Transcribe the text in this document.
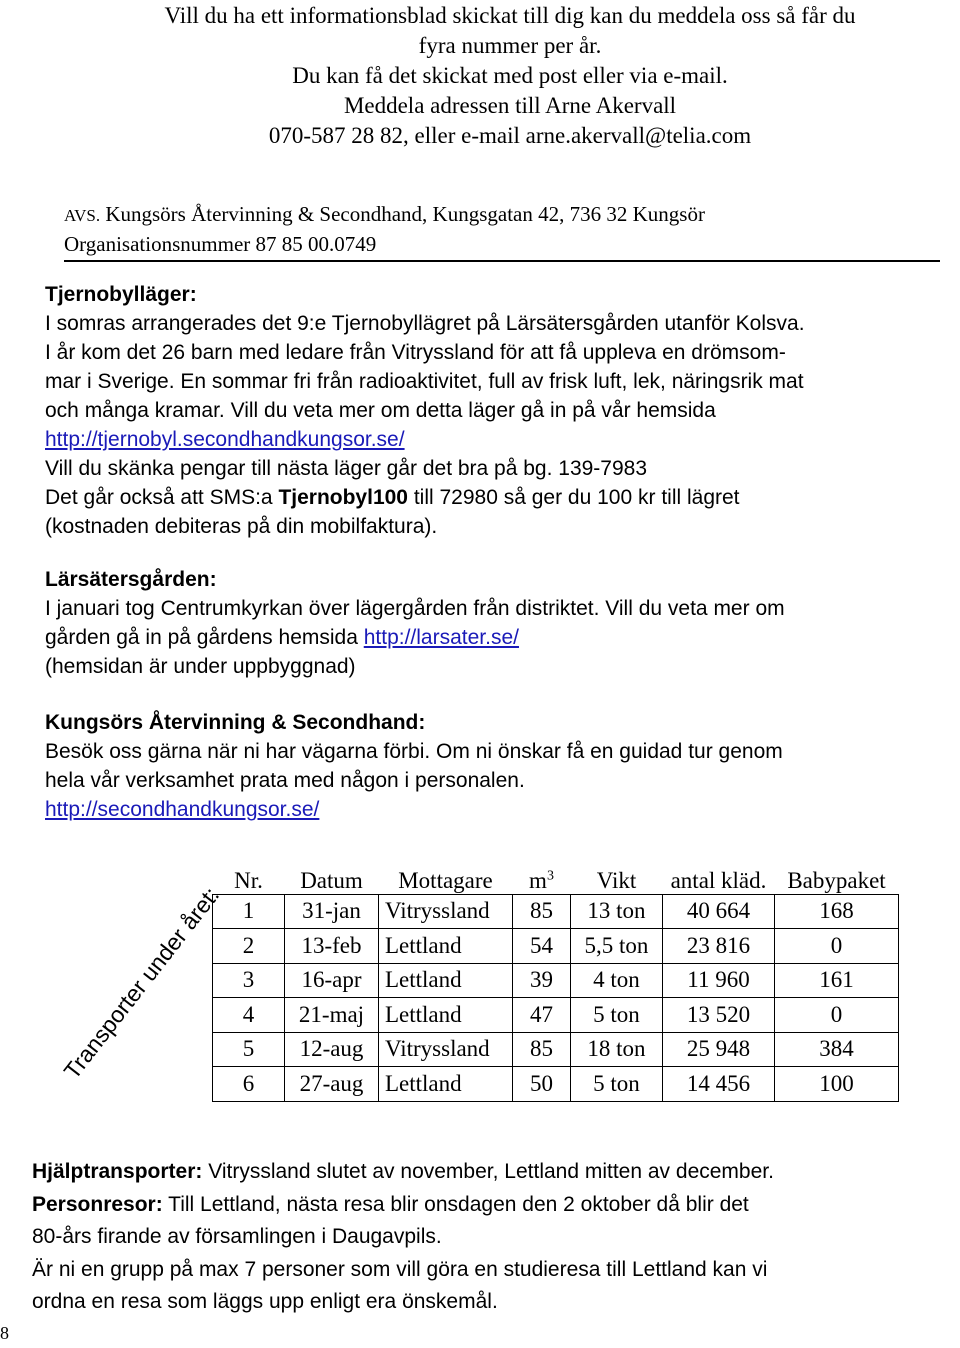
Vill du ha ett informationsblad skickat till dig kan du meddela oss så får du
fyra nummer per år.
Du kan få det skickat med post eller via e-mail.
Meddela adressen till Arne Akervall
070-587 28 82, eller e-mail arne.akervall@telia.com
AVS. Kungsörs Återvinning & Secondhand, Kungsgatan 42, 736 32 Kungsör
Organisationsnummer 87 85 00.0749
Tjernobylläger:
I somras arrangerades det 9:e Tjernobyllägret på Lärsätersgården utanför Kolsva.
I år kom det 26 barn med ledare från Vitryssland för att få uppleva en drömsom-
mar i Sverige. En sommar fri från radioaktivitet, full av frisk luft, lek, näringsrik mat
och många kramar. Vill du veta mer om detta läger gå in på vår hemsida
http://tjernobyl.secondhandkungsor.se/
Vill du skänka pengar till nästa läger går det bra på bg. 139-7983
Det går också att SMS:a Tjernobyl100 till 72980 så ger du 100 kr till lägret
(kostnaden debiteras på din mobilfaktura).
Lärsätersgården:
I januari tog Centrumkyrkan över lägergården från distriktet. Vill du veta mer om
gården gå in på gårdens hemsida http://larsater.se/
(hemsidan är under uppbyggnad)
Kungsörs Återvinning & Secondhand:
Besök oss gärna när ni har vägarna förbi. Om ni önskar få en guidad tur genom
hela vår verksamhet prata med någon i personalen.
http://secondhandkungsor.se/
Transporter under året:
Nr.	Datum	Mottagare	$m^3$	Vikt	antal kläd.	Babypaket
1	31-jan	Vitryssland	85	13 ton	40 664	168
2	13-feb	Lettland	54	5,5 ton	23 816	0
3	16-apr	Lettland	39	4 ton	11 960	161
4	21-maj	Lettland	47	5 ton	13 520	0
5	12-aug	Vitryssland	85	18 ton	25 948	384
6	27-aug	Lettland	50	5 ton	14 456	100
Hjälptransporter: Vitryssland slutet av november, Lettland mitten av december.
Personresor: Till Lettland, nästa resa blir onsdagen den 2 oktober då blir det
80-års firande av församlingen i Daugavpils.
Är ni en grupp på max 7 personer som vill göra en studieresa till Lettland kan vi
ordna en resa som läggs upp enligt era önskemål.
8
